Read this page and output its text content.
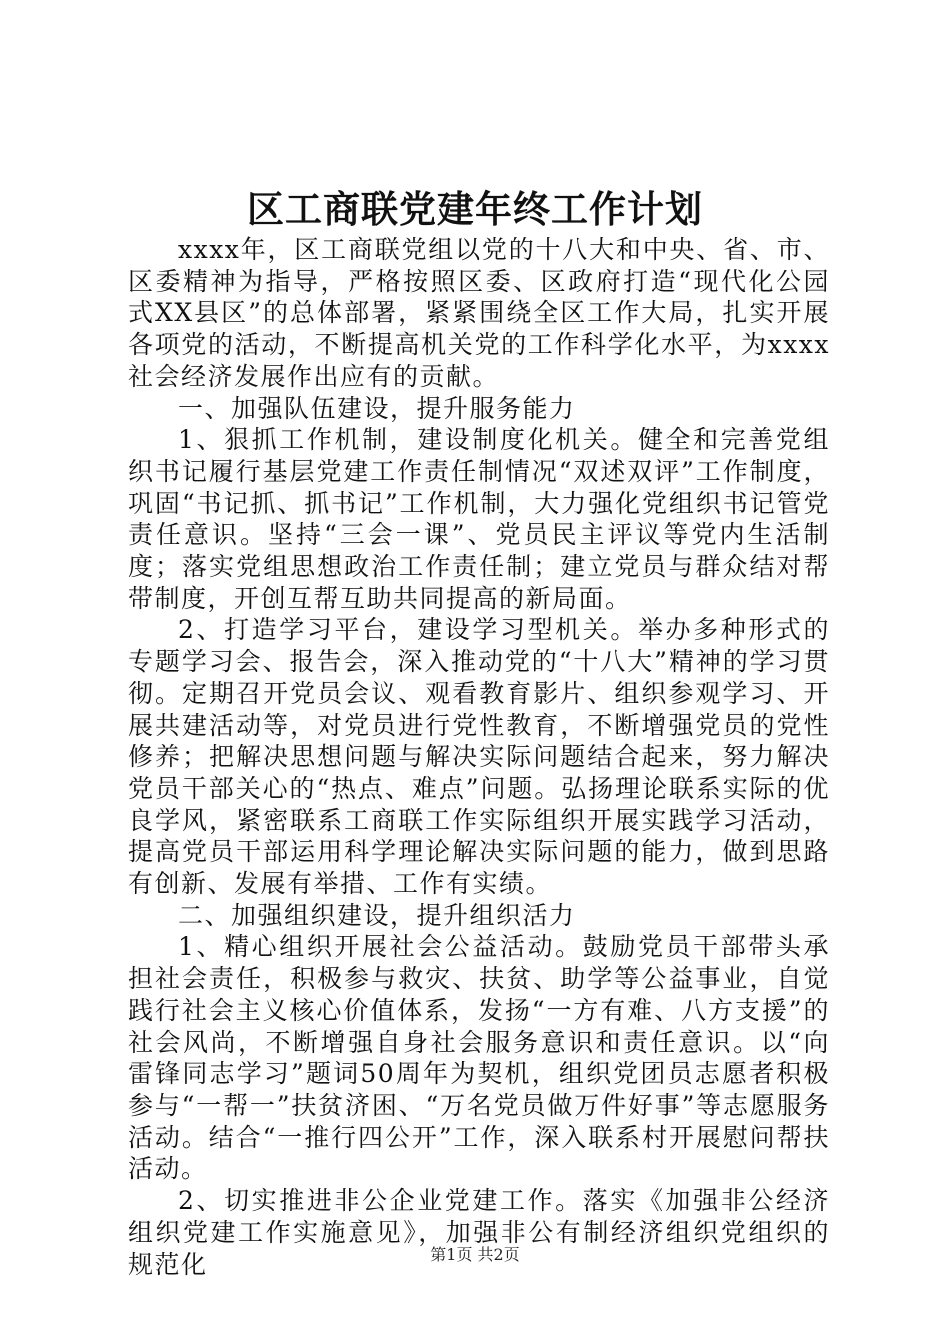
区工商联党建年终工作计划

xxxx年，区工商联党组以党的十八大和中央、省、市、区委精神为指导，严格按照区委、区政府打造“现代化公园式XX县区”的总体部署，紧紧围绕全区工作大局，扎实开展各项党的活动，不断提高机关党的工作科学化水平，为xxxx社会经济发展作出应有的贡献。

一、加强队伍建设，提升服务能力

1、狠抓工作机制，建设制度化机关。健全和完善党组织书记履行基层党建工作责任制情况“双述双评”工作制度，巩固“书记抓、抓书记”工作机制，大力强化党组织书记管党责任意识。坚持“三会一课”、党员民主评议等党内生活制度；落实党组思想政治工作责任制；建立党员与群众结对帮带制度，开创互帮互助共同提高的新局面。

2、打造学习平台，建设学习型机关。举办多种形式的专题学习会、报告会，深入推动党的“十八大”精神的学习贯彻。定期召开党员会议、观看教育影片、组织参观学习、开展共建活动等，对党员进行党性教育，不断增强党员的党性修养；把解决思想问题与解决实际问题结合起来，努力解决党员干部关心的“热点、难点”问题。弘扬理论联系实际的优良学风，紧密联系工商联工作实际组织开展实践学习活动，提高党员干部运用科学理论解决实际问题的能力，做到思路有创新、发展有举措、工作有实绩。

二、加强组织建设，提升组织活力

1、精心组织开展社会公益活动。鼓励党员干部带头承担社会责任，积极参与救灾、扶贫、助学等公益事业，自觉践行社会主义核心价值体系，发扬“一方有难、八方支援”的社会风尚，不断增强自身社会服务意识和责任意识。以“向雷锋同志学习”题词50周年为契机，组织党团员志愿者积极参与“一帮一”扶贫济困、“万名党员做万件好事”等志愿服务活动。结合“一推行四公开”工作，深入联系村开展慰问帮扶活动。

2、切实推进非公企业党建工作。落实《加强非公经济组织党建工作实施意见》，加强非公有制经济组织党组织的规范化	第1页 共2页
